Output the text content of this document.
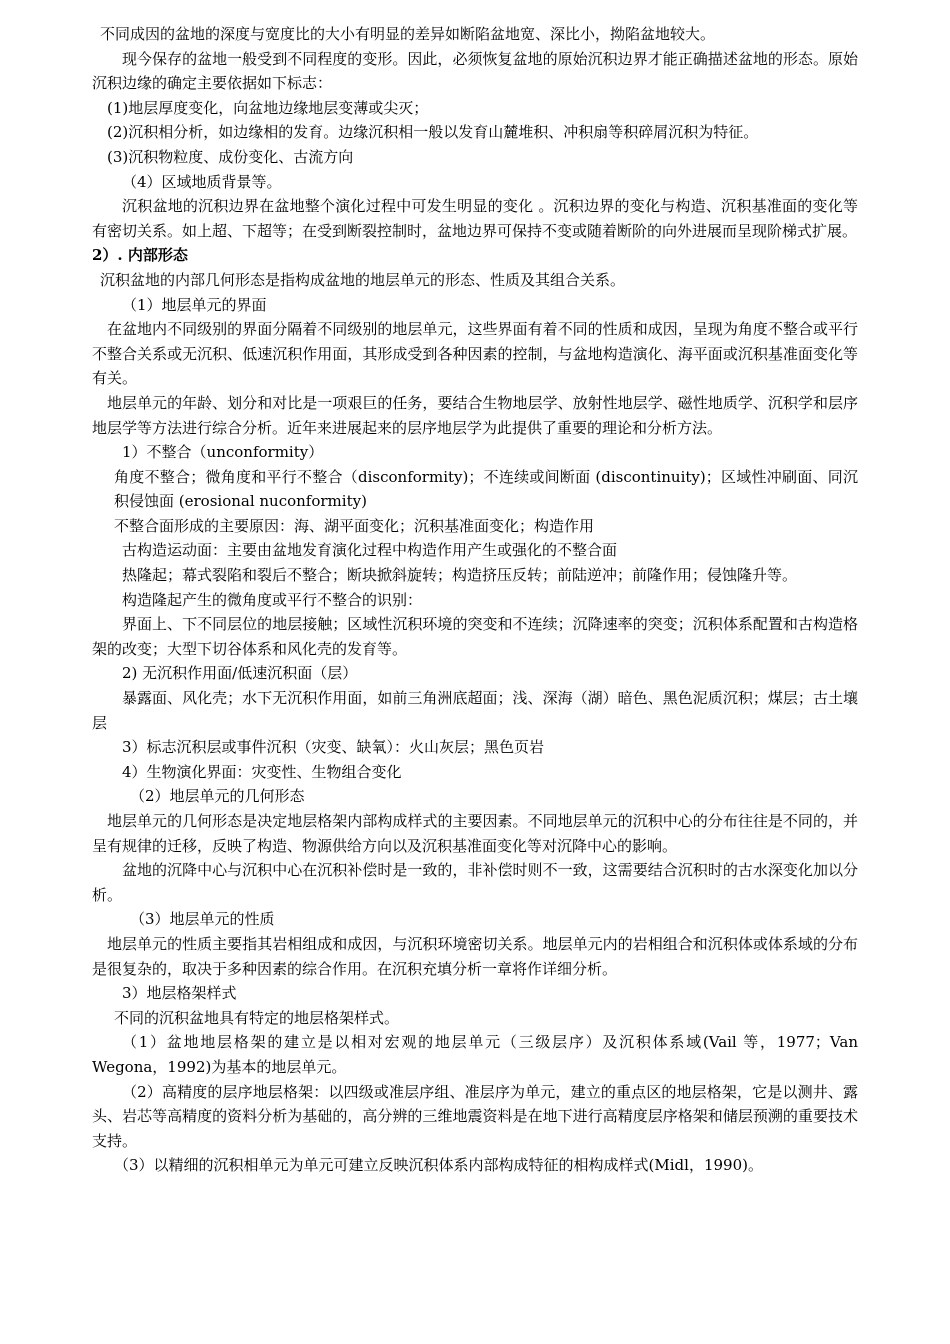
不同成因的盆地的深度与宽度比的大小有明显的差异如断陷盆地宽、深比小，拗陷盆地较大。

现今保存的盆地一般受到不同程度的变形。因此，必须恢复盆地的原始沉积边界才能正确描述盆地的形态。原始沉积边缘的确定主要依据如下标志：

(1)地层厚度变化，向盆地边缘地层变薄或尖灭；

(2)沉积相分析，如边缘相的发育。边缘沉积相一般以发育山麓堆积、冲积扇等积碎屑沉积为特征。

(3)沉积物粒度、成份变化、古流方向

（4）区域地质背景等。

沉积盆地的沉积边界在盆地整个演化过程中可发生明显的变化 。沉积边界的变化与构造、沉积基准面的变化等有密切关系。如上超、下超等；在受到断裂控制时，盆地边界可保持不变或随着断阶的向外进展而呈现阶梯式扩展。

2）. 内部形态

沉积盆地的内部几何形态是指构成盆地的地层单元的形态、性质及其组合关系。

（1）地层单元的界面

在盆地内不同级别的界面分隔着不同级别的地层单元，这些界面有着不同的性质和成因，呈现为角度不整合或平行不整合关系或无沉积、低速沉积作用面，其形成受到各种因素的控制，与盆地构造演化、海平面或沉积基准面变化等有关。

地层单元的年龄、划分和对比是一项艰巨的任务，要结合生物地层学、放射性地层学、磁性地质学、沉积学和层序地层学等方法进行综合分析。近年来进展起来的层序地层学为此提供了重要的理论和分析方法。

1）不整合（unconformity）

角度不整合；微角度和平行不整合（disconformity)；不连续或间断面 (discontinuity)；区域性冲刷面、同沉积侵蚀面 (erosional nuconformity)

不整合面形成的主要原因：海、湖平面变化；沉积基准面变化；构造作用

古构造运动面：主要由盆地发育演化过程中构造作用产生或强化的不整合面

热隆起；幕式裂陷和裂后不整合；断块掀斜旋转；构造挤压反转；前陆逆冲；前隆作用；侵蚀隆升等。

构造隆起产生的微角度或平行不整合的识别：

界面上、下不同层位的地层接触；区域性沉积环境的突变和不连续；沉降速率的突变；沉积体系配置和古构造格架的改变；大型下切谷体系和风化壳的发育等。

2) 无沉积作用面/低速沉积面（层）

暴露面、风化壳；水下无沉积作用面，如前三角洲底超面；浅、深海（湖）暗色、黑色泥质沉积；煤层；古土壤层

3）标志沉积层或事件沉积（灾变、缺氧）：火山灰层；黑色页岩

4）生物演化界面：灾变性、生物组合变化

（2）地层单元的几何形态

地层单元的几何形态是决定地层格架内部构成样式的主要因素。不同地层单元的沉积中心的分布往往是不同的，并呈有规律的迁移，反映了构造、物源供给方向以及沉积基准面变化等对沉降中心的影响。

盆地的沉降中心与沉积中心在沉积补偿时是一致的，非补偿时则不一致，这需要结合沉积时的古水深变化加以分析。

（3）地层单元的性质

地层单元的性质主要指其岩相组成和成因，与沉积环境密切关系。地层单元内的岩相组合和沉积体或体系域的分布是很复杂的，取决于多种因素的综合作用。在沉积充填分析一章将作详细分析。

3）地层格架样式

不同的沉积盆地具有特定的地层格架样式。

（1）盆地地层格架的建立是以相对宏观的地层单元（三级层序）及沉积体系域(Vail 等，1977；Van Wegona，1992)为基本的地层单元。

（2）高精度的层序地层格架：以四级或准层序组、准层序为单元，建立的重点区的地层格架，它是以测井、露头、岩芯等高精度的资料分析为基础的，高分辨的三维地震资料是在地下进行高精度层序格架和储层预溯的重要技术支持。

（3）以精细的沉积相单元为单元可建立反映沉积体系内部构成特征的相构成样式(Midl，1990)。
